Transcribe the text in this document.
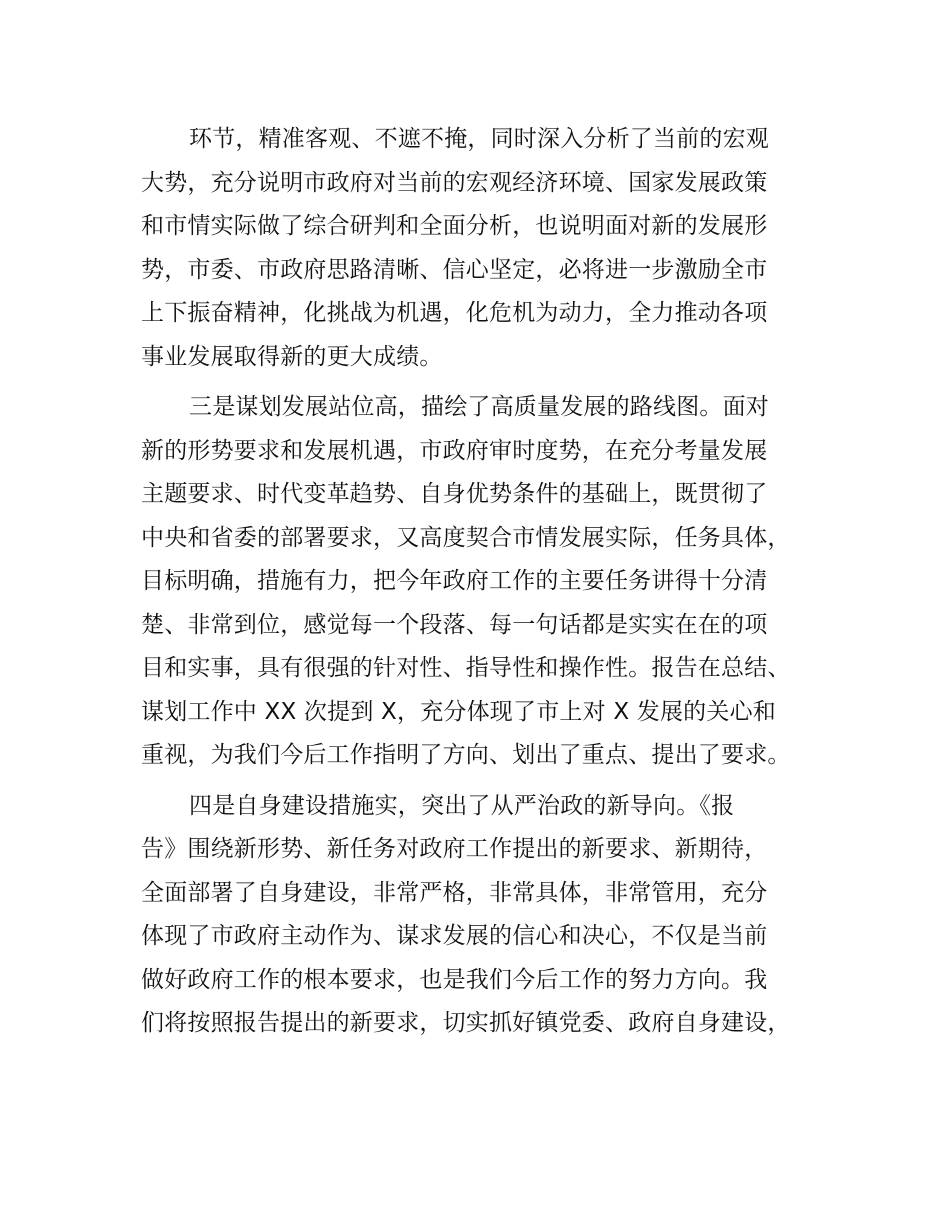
环节，精准客观、不遮不掩，同时深入分析了当前的宏观
大势，充分说明市政府对当前的宏观经济环境、国家发展政策
和市情实际做了综合研判和全面分析，也说明面对新的发展形
势，市委、市政府思路清晰、信心坚定，必将进一步激励全市
上下振奋精神，化挑战为机遇，化危机为动力，全力推动各项
事业发展取得新的更大成绩。
三是谋划发展站位高，描绘了高质量发展的路线图。面对
新的形势要求和发展机遇，市政府审时度势，在充分考量发展
主题要求、时代变革趋势、自身优势条件的基础上，既贯彻了
中央和省委的部署要求，又高度契合市情发展实际，任务具体，
目标明确，措施有力，把今年政府工作的主要任务讲得十分清
楚、非常到位，感觉每一个段落、每一句话都是实实在在的项
目和实事，具有很强的针对性、指导性和操作性。报告在总结、
谋划工作中 XX 次提到 X，充分体现了市上对 X 发展的关心和
重视，为我们今后工作指明了方向、划出了重点、提出了要求。
四是自身建设措施实，突出了从严治政的新导向。《报
告》围绕新形势、新任务对政府工作提出的新要求、新期待，
全面部署了自身建设，非常严格，非常具体，非常管用，充分
体现了市政府主动作为、谋求发展的信心和决心，不仅是当前
做好政府工作的根本要求，也是我们今后工作的努力方向。我
们将按照报告提出的新要求，切实抓好镇党委、政府自身建设，
